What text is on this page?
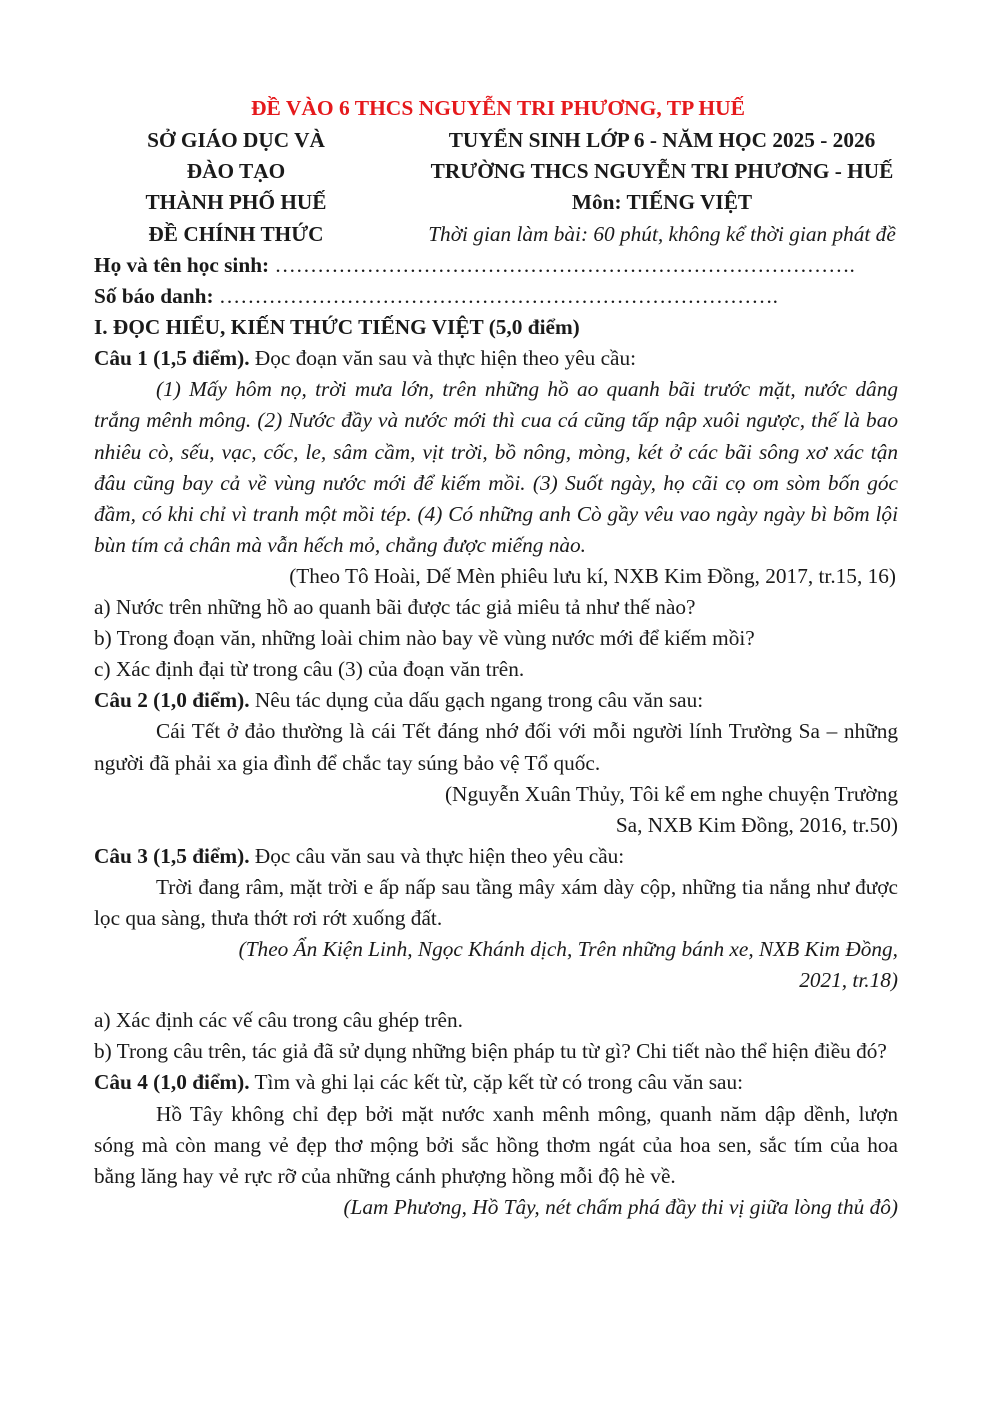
ĐỀ VÀO 6 THCS NGUYỄN TRI PHƯƠNG, TP HUẾ
SỞ GIÁO DỤC VÀ
ĐÀO TẠO
THÀNH PHỐ HUẾ
ĐỀ CHÍNH THỨC
TUYỂN SINH LỚP 6 - NĂM HỌC 2025 - 2026
TRƯỜNG THCS NGUYỄN TRI PHƯƠNG - HUẾ
Môn: TIẾNG VIỆT
Thời gian làm bài: 60 phút, không kể thời gian phát đề
Họ và tên học sinh: ……………………………………………………………………….
Số báo danh: …………………………………………………………………….
I. ĐỌC HIỂU, KIẾN THỨC TIẾNG VIỆT (5,0 điểm)
Câu 1 (1,5 điểm). Đọc đoạn văn sau và thực hiện theo yêu cầu:
(1) Mấy hôm nọ, trời mưa lớn, trên những hồ ao quanh bãi trước mặt, nước dâng trắng mênh mông. (2) Nước đầy và nước mới thì cua cá cũng tấp nập xuôi ngược, thế là bao nhiêu cò, sếu, vạc, cốc, le, sâm cầm, vịt trời, bồ nông, mòng, két ở các bãi sông xơ xác tận đâu cũng bay cả về vùng nước mới để kiếm mồi. (3) Suốt ngày, họ cãi cọ om sòm bốn góc đầm, có khi chỉ vì tranh một mồi tép. (4) Có những anh Cò gầy vêu vao ngày ngày bì bõm lội bùn tím cả chân mà vẫn hếch mỏ, chẳng được miếng nào.
(Theo Tô Hoài, Dế Mèn phiêu lưu kí, NXB Kim Đồng, 2017, tr.15, 16)
a) Nước trên những hồ ao quanh bãi được tác giả miêu tả như thế nào?
b) Trong đoạn văn, những loài chim nào bay về vùng nước mới để kiếm mồi?
c) Xác định đại từ trong câu (3) của đoạn văn trên.
Câu 2 (1,0 điểm). Nêu tác dụng của dấu gạch ngang trong câu văn sau:
Cái Tết ở đảo thường là cái Tết đáng nhớ đối với mỗi người lính Trường Sa – những người đã phải xa gia đình để chắc tay súng bảo vệ Tổ quốc.
(Nguyễn Xuân Thủy, Tôi kể em nghe chuyện Trường
Sa, NXB Kim Đồng, 2016, tr.50)
Câu 3 (1,5 điểm). Đọc câu văn sau và thực hiện theo yêu cầu:
Trời đang râm, mặt trời e ấp nấp sau tầng mây xám dày cộp, những tia nắng như được lọc qua sàng, thưa thớt rơi rớt xuống đất.
(Theo Ẩn Kiện Linh, Ngọc Khánh dịch, Trên những bánh xe, NXB Kim Đồng,
2021, tr.18)
a) Xác định các vế câu trong câu ghép trên.
b) Trong câu trên, tác giả đã sử dụng những biện pháp tu từ gì? Chi tiết nào thể hiện điều đó?
Câu 4 (1,0 điểm). Tìm và ghi lại các kết từ, cặp kết từ có trong câu văn sau:
Hồ Tây không chỉ đẹp bởi mặt nước xanh mênh mông, quanh năm dập dềnh, lượn sóng mà còn mang vẻ đẹp thơ mộng bởi sắc hồng thơm ngát của hoa sen, sắc tím của hoa bằng lăng hay vẻ rực rỡ của những cánh phượng hồng mỗi độ hè về.
(Lam Phương, Hồ Tây, nét chấm phá đầy thi vị giữa lòng thủ đô)
